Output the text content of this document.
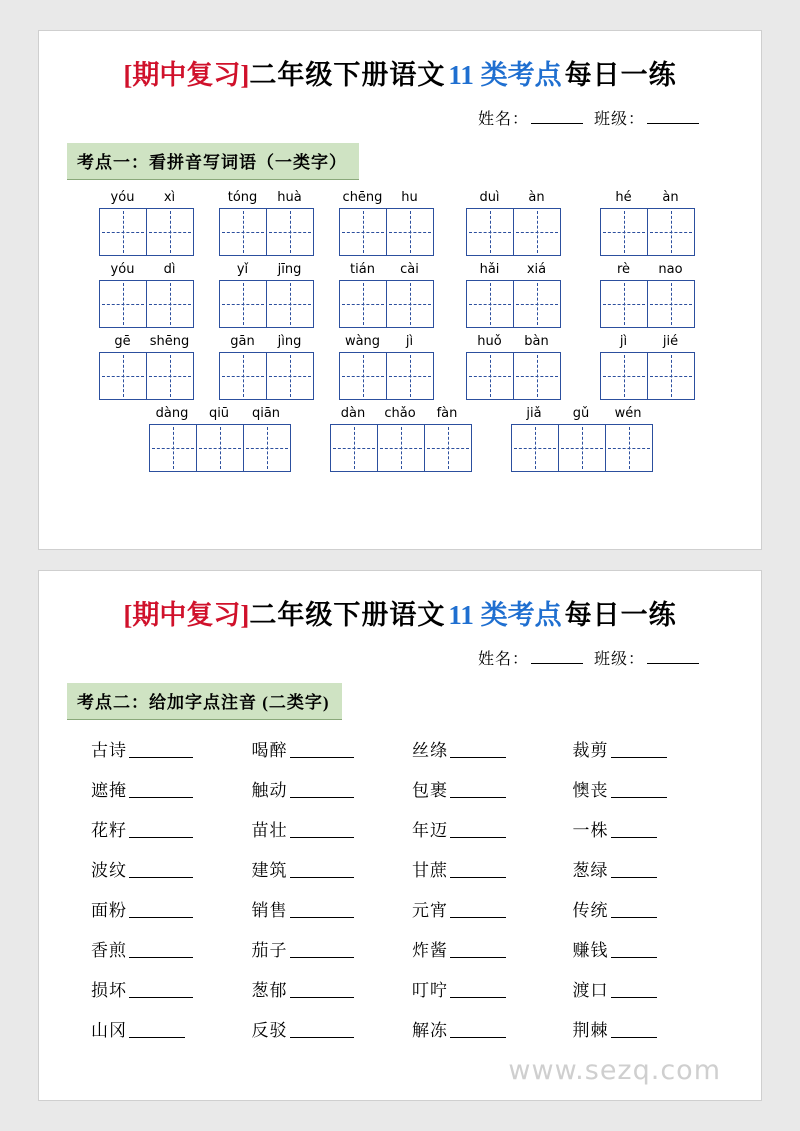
[期中复习] 二年级下册语文 11 类考点 每日一练
姓名：	班级：
考点一：看拼音写词语（一类字）
yóu	xì	tóng	huà	chēng	hu	duì	àn	hé	àn
yóu	dì	yǐ	jīng	tián	cài	hǎi	xiá	rè	nao
gē	shēng	gān	jìng	wàng	jì	huǒ	bàn	jì	jié
dàng	qiū	qiān	dàn	chǎo	fàn	jiǎ	gǔ	wén
[期中复习] 二年级下册语文 11 类考点 每日一练
姓名：	班级：
考点二：给加字点注音 (二类字)
古诗	喝醉	丝绦	裁剪
遮掩	触动	包裹	懊丧
花籽	苗壮	年迈	一株
波纹	建筑	甘蔗	葱绿
面粉	销售	元宵	传统
香煎	茄子	炸酱	赚钱
损坏	葱郁	叮咛	渡口
山冈	反驳	解冻	荆棘
www.sezq.com
